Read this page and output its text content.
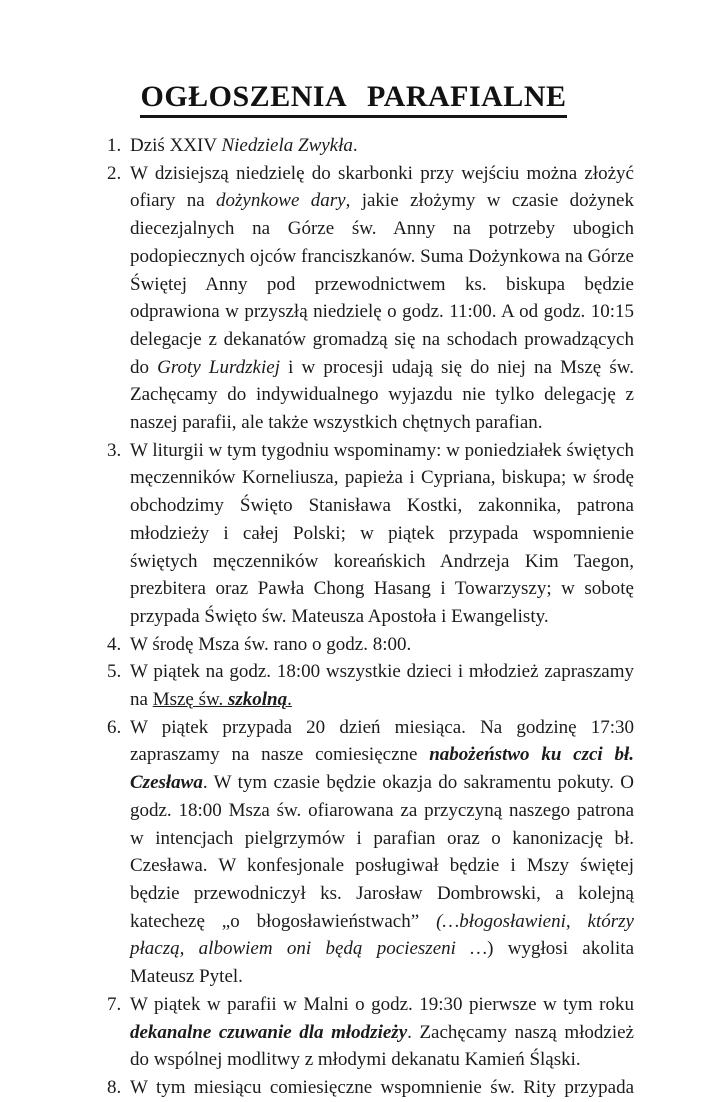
OGŁOSZENIA PARAFIALNE
1. Dziś XXIV Niedziela Zwykła.
2. W dzisiejszą niedzielę do skarbonki przy wejściu można złożyć ofiary na dożynkowe dary, jakie złożymy w czasie dożynek diecezjalnych na Górze św. Anny na potrzeby ubogich podopiecznych ojców franciszkanów. Suma Dożynkowa na Górze Świętej Anny pod przewodnictwem ks. biskupa będzie odprawiona w przyszłą niedzielę o godz. 11:00. A od godz. 10:15 delegacje z dekanatów gromadzą się na schodach prowadzących do Groty Lurdzkiej i w procesji udają się do niej na Mszę św. Zachęcamy do indywidualnego wyjazdu nie tylko delegację z naszej parafii, ale także wszystkich chętnych parafian.
3. W liturgii w tym tygodniu wspominamy: w poniedziałek świętych męczenników Korneliusza, papieża i Cypriana, biskupa; w środę obchodzimy Święto Stanisława Kostki, zakonnika, patrona młodzieży i całej Polski; w piątek przypada wspomnienie świętych męczenników koreańskich Andrzeja Kim Taegon, prezbitera oraz Pawła Chong Hasang i Towarzyszy; w sobotę przypada Święto św. Mateusza Apostoła i Ewangelisty.
4. W środę Msza św. rano o godz. 8:00.
5. W piątek na godz. 18:00 wszystkie dzieci i młodzież zapraszamy na Mszę św. szkolną.
6. W piątek przypada 20 dzień miesiąca. Na godzinę 17:30 zapraszamy na nasze comiesięczne nabożeństwo ku czci bł. Czesława. W tym czasie będzie okazja do sakramentu pokuty. O godz. 18:00 Msza św. ofiarowana za przyczyną naszego patrona w intencjach pielgrzymów i parafian oraz o kanonizację bł. Czesława. W konfesjonale posługiwał będzie i Mszy świętej będzie przewodniczył ks. Jarosław Dombrowski, a kolejną katechezę „o błogosławieństwach” (…błogosławieni, którzy płaczą, albowiem oni będą pocieszeni …) wygłosi akolita Mateusz Pytel.
7. W piątek w parafii w Malni o godz. 19:30 pierwsze w tym roku dekanalne czuwanie dla młodzieży. Zachęcamy naszą młodzież do wspólnej modlitwy z młodymi dekanatu Kamień Śląski.
8. W tym miesiącu comiesięczne wspomnienie św. Rity przypada
